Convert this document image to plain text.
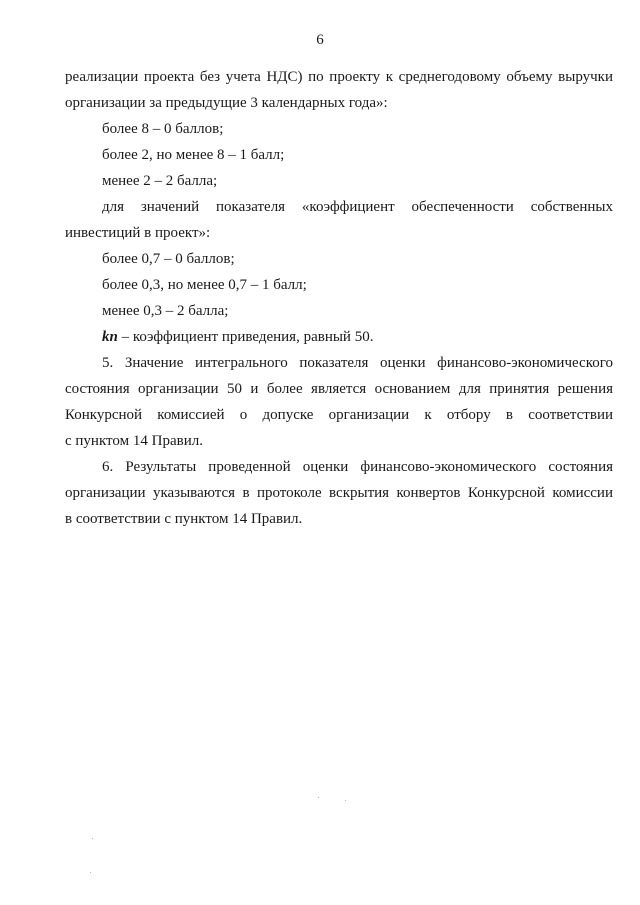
6
реализации проекта без учета НДС) по проекту к среднегодовому объему выручки
организации за предыдущие 3 календарных года»:
более 8 – 0 баллов;
более 2, но менее 8 – 1 балл;
менее 2 – 2 балла;
для значений показателя «коэффициент обеспеченности собственных
инвестиций в проект»:
более 0,7 – 0 баллов;
более 0,3, но менее 0,7 – 1 балл;
менее 0,3 – 2 балла;
kп – коэффициент приведения, равный 50.
5. Значение интегрального показателя оценки финансово-экономического
состояния организации 50 и более является основанием для принятия решения
Конкурсной комиссией о допуске организации к отбору в соответствии
с пунктом 14 Правил.
6. Результаты проведенной оценки финансово-экономического состояния
организации указываются в протоколе вскрытия конвертов Конкурсной комиссии
в соответствии с пунктом 14 Правил.
